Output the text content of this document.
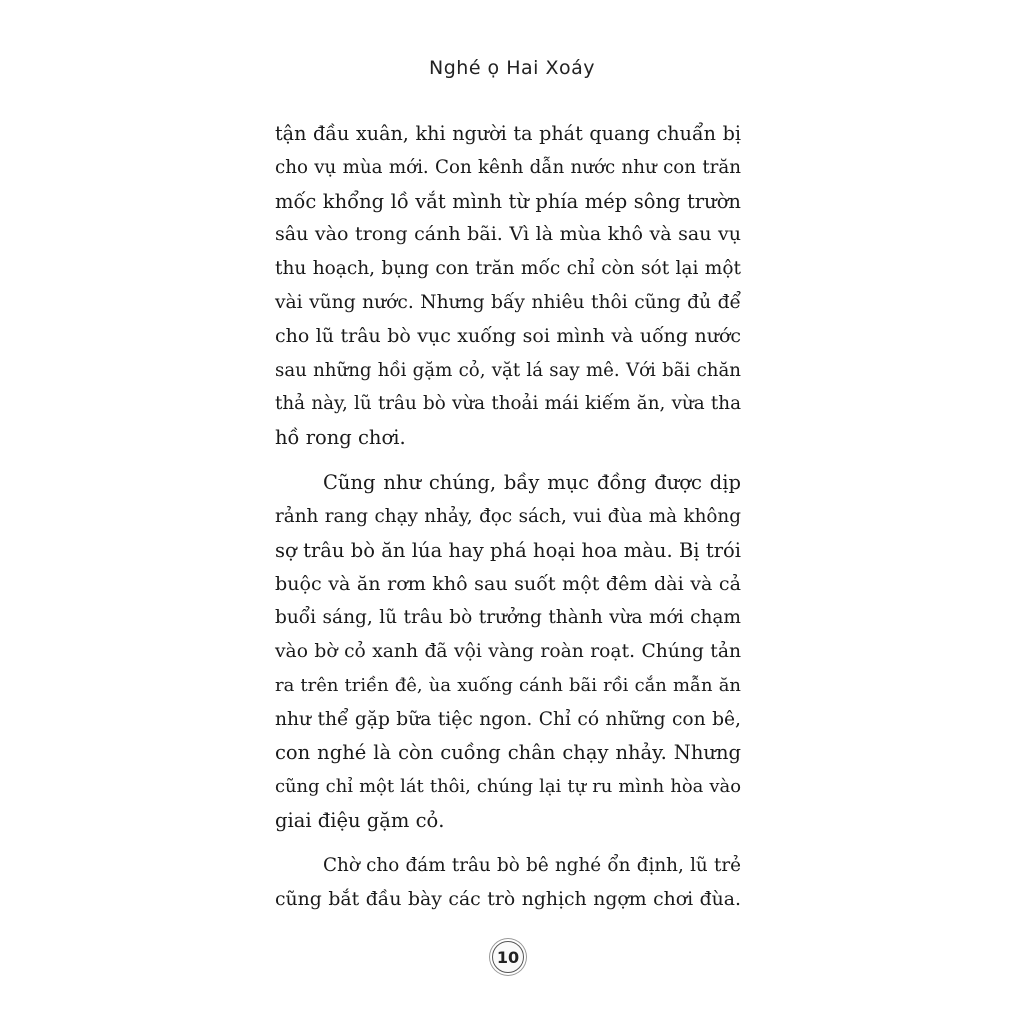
Nghé ọ Hai Xoáy

tận đầu xuân, khi người ta phát quang chuẩn bị
cho vụ mùa mới. Con kênh dẫn nước như con trăn
mốc khổng lồ vắt mình từ phía mép sông trườn
sâu vào trong cánh bãi. Vì là mùa khô và sau vụ
thu hoạch, bụng con trăn mốc chỉ còn sót lại một
vài vũng nước. Nhưng bấy nhiêu thôi cũng đủ để
cho lũ trâu bò vục xuống soi mình và uống nước
sau những hồi gặm cỏ, vặt lá say mê. Với bãi chăn
thả này, lũ trâu bò vừa thoải mái kiếm ăn, vừa tha
hồ rong chơi.

Cũng như chúng, bầy mục đồng được dịp
rảnh rang chạy nhảy, đọc sách, vui đùa mà không
sợ trâu bò ăn lúa hay phá hoại hoa màu. Bị trói
buộc và ăn rơm khô sau suốt một đêm dài và cả
buổi sáng, lũ trâu bò trưởng thành vừa mới chạm
vào bờ cỏ xanh đã vội vàng roàn roạt. Chúng tản
ra trên triền đê, ùa xuống cánh bãi rồi cắn mẫn ăn
như thể gặp bữa tiệc ngon. Chỉ có những con bê,
con nghé là còn cuồng chân chạy nhảy. Nhưng
cũng chỉ một lát thôi, chúng lại tự ru mình hòa vào
giai điệu gặm cỏ.

Chờ cho đám trâu bò bê nghé ổn định, lũ trẻ
cũng bắt đầu bày các trò nghịch ngợm chơi đùa.

10
